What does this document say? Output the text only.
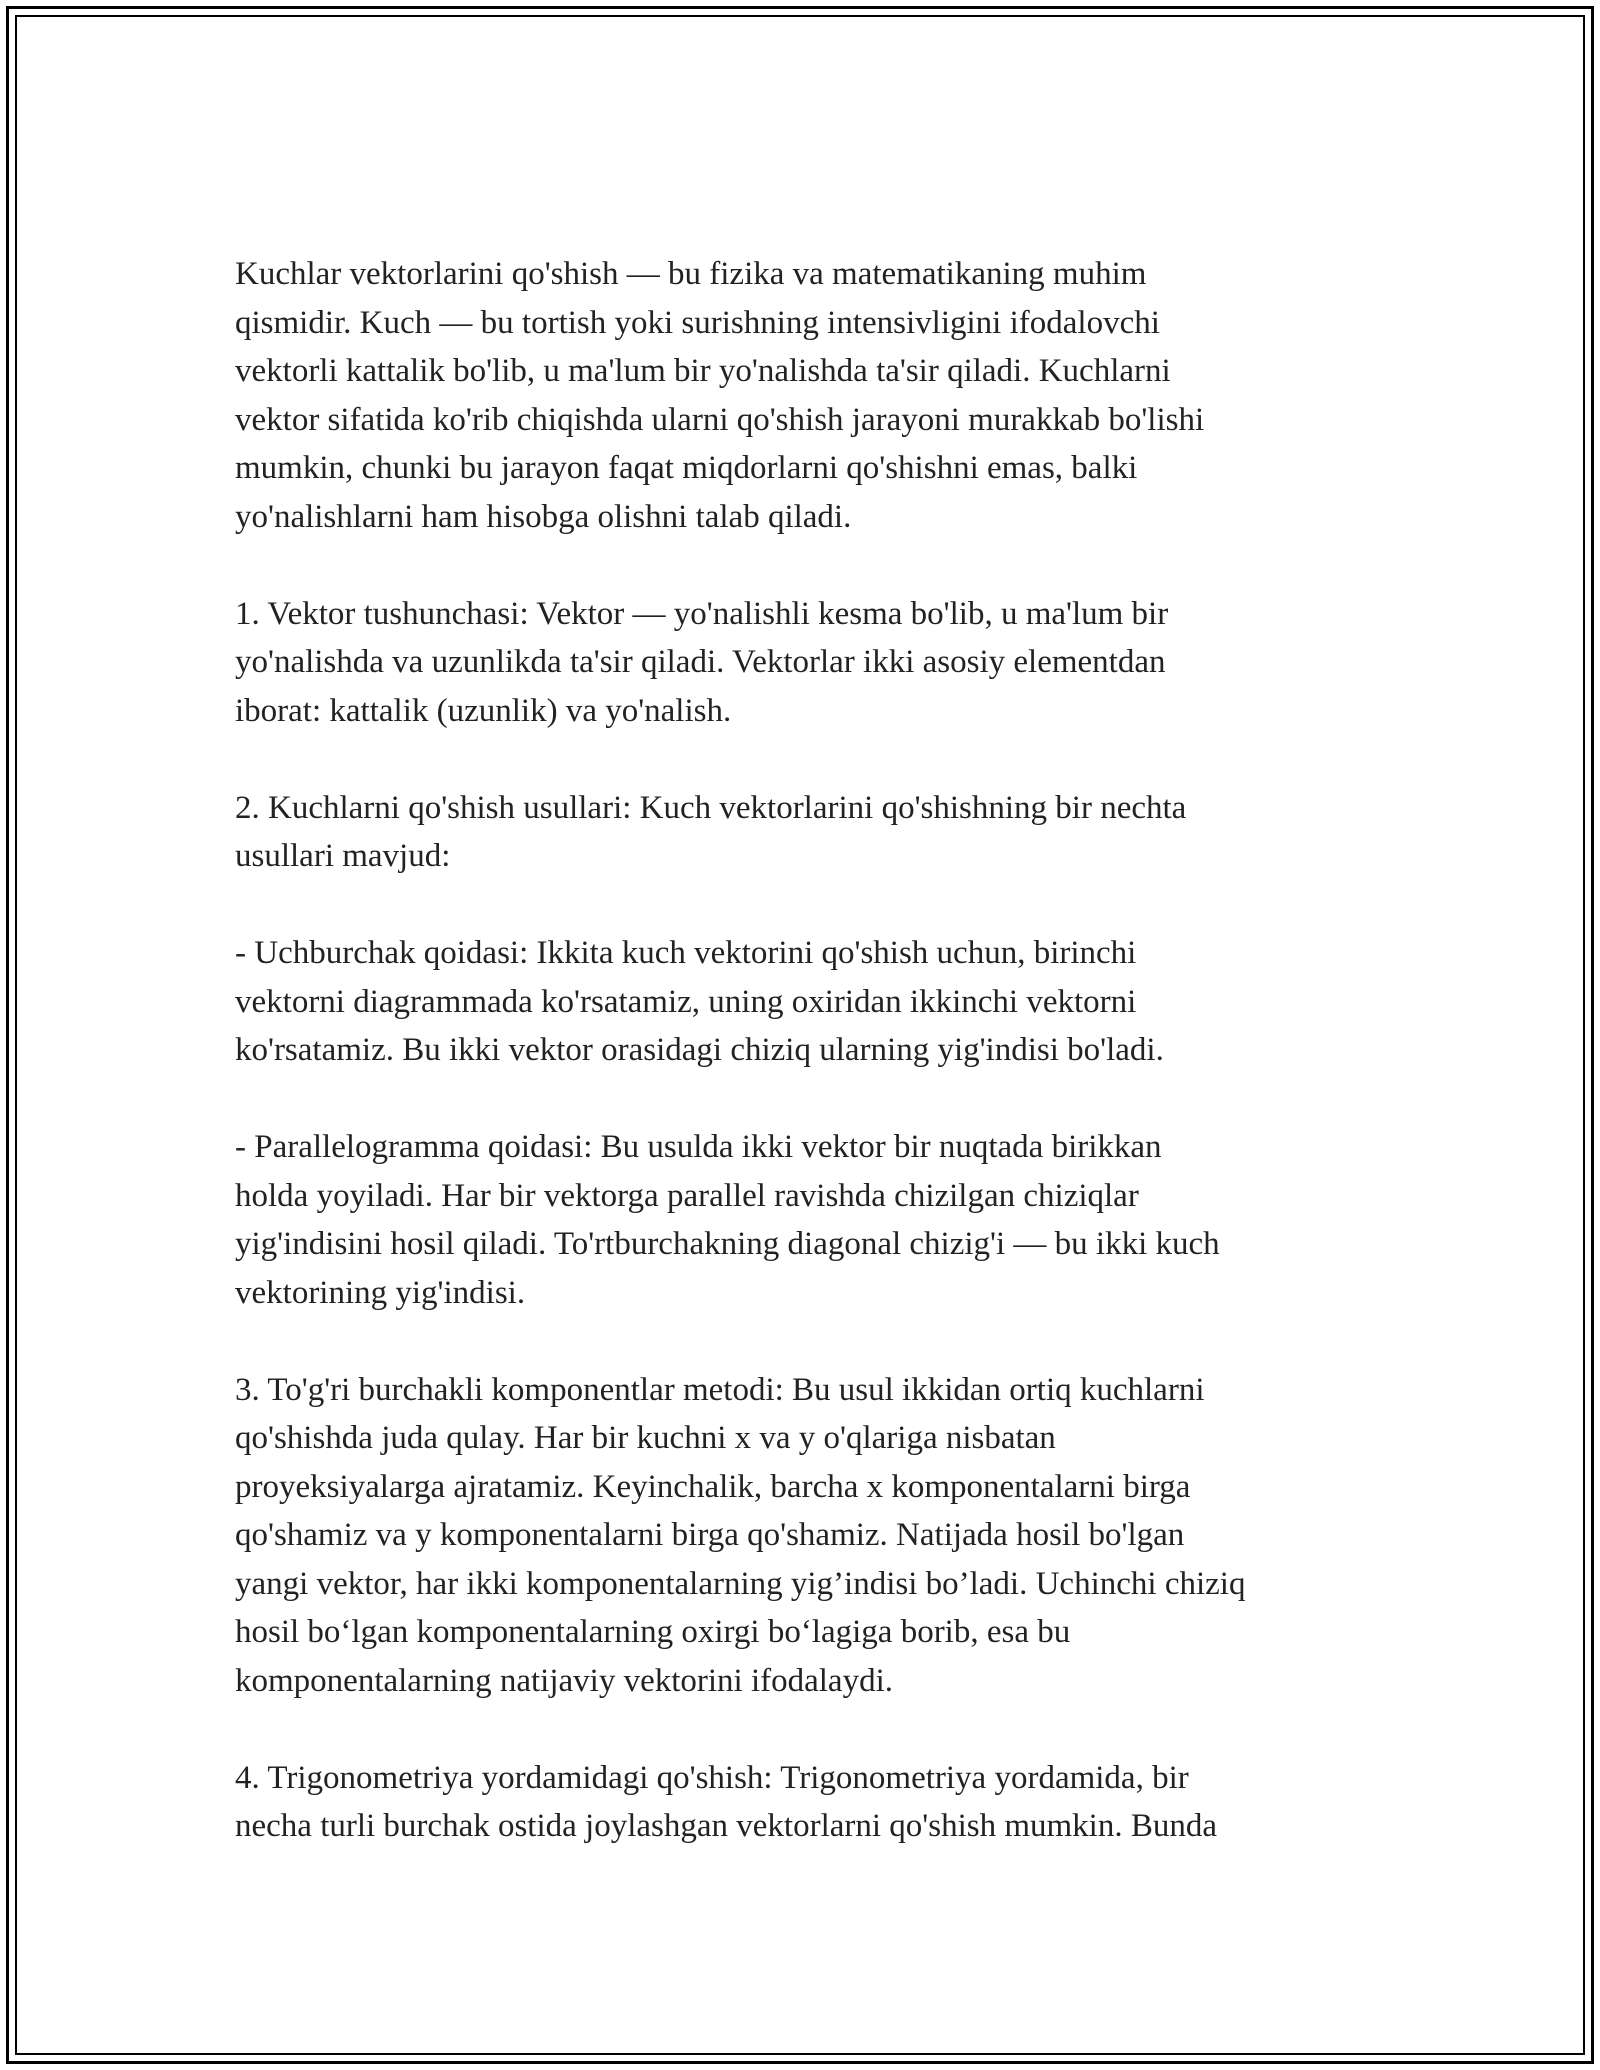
Kuchlar vektorlarini qo'shish — bu fizika va matematikaning muhim
qismidir. Kuch — bu tortish yoki surishning intensivligini ifodalovchi
vektorli kattalik bo'lib, u ma'lum bir yo'nalishda ta'sir qiladi. Kuchlarni
vektor sifatida ko'rib chiqishda ularni qo'shish jarayoni murakkab bo'lishi
mumkin, chunki bu jarayon faqat miqdorlarni qo'shishni emas, balki
yo'nalishlarni ham hisobga olishni talab qiladi.

1. Vektor tushunchasi: Vektor — yo'nalishli kesma bo'lib, u ma'lum bir
yo'nalishda va uzunlikda ta'sir qiladi. Vektorlar ikki asosiy elementdan
iborat: kattalik (uzunlik) va yo'nalish.

2. Kuchlarni qo'shish usullari: Kuch vektorlarini qo'shishning bir nechta
usullari mavjud:

- Uchburchak qoidasi: Ikkita kuch vektorini qo'shish uchun, birinchi
vektorni diagrammada ko'rsatamiz, uning oxiridan ikkinchi vektorni
ko'rsatamiz. Bu ikki vektor orasidagi chiziq ularning yig'indisi bo'ladi.

- Parallelogramma qoidasi: Bu usulda ikki vektor bir nuqtada birikkan
holda yoyiladi. Har bir vektorga parallel ravishda chizilgan chiziqlar
yig'indisini hosil qiladi. To'rtburchakning diagonal chizig'i — bu ikki kuch
vektorining yig'indisi.

3. To'g'ri burchakli komponentlar metodi: Bu usul ikkidan ortiq kuchlarni
qo'shishda juda qulay. Har bir kuchni x va y o'qlariga nisbatan
proyeksiyalarga ajratamiz. Keyinchalik, barcha x komponentalarni birga
qo'shamiz va y komponentalarni birga qo'shamiz. Natijada hosil bo'lgan
yangi vektor, har ikki komponentalarning yig’indisi bo’ladi. Uchinchi chiziq
hosil bo‘lgan komponentalarning oxirgi bo‘lagiga borib, esa bu
komponentalarning natijaviy vektorini ifodalaydi.

4. Trigonometriya yordamidagi qo'shish: Trigonometriya yordamida, bir
necha turli burchak ostida joylashgan vektorlarni qo'shish mumkin. Bunda
